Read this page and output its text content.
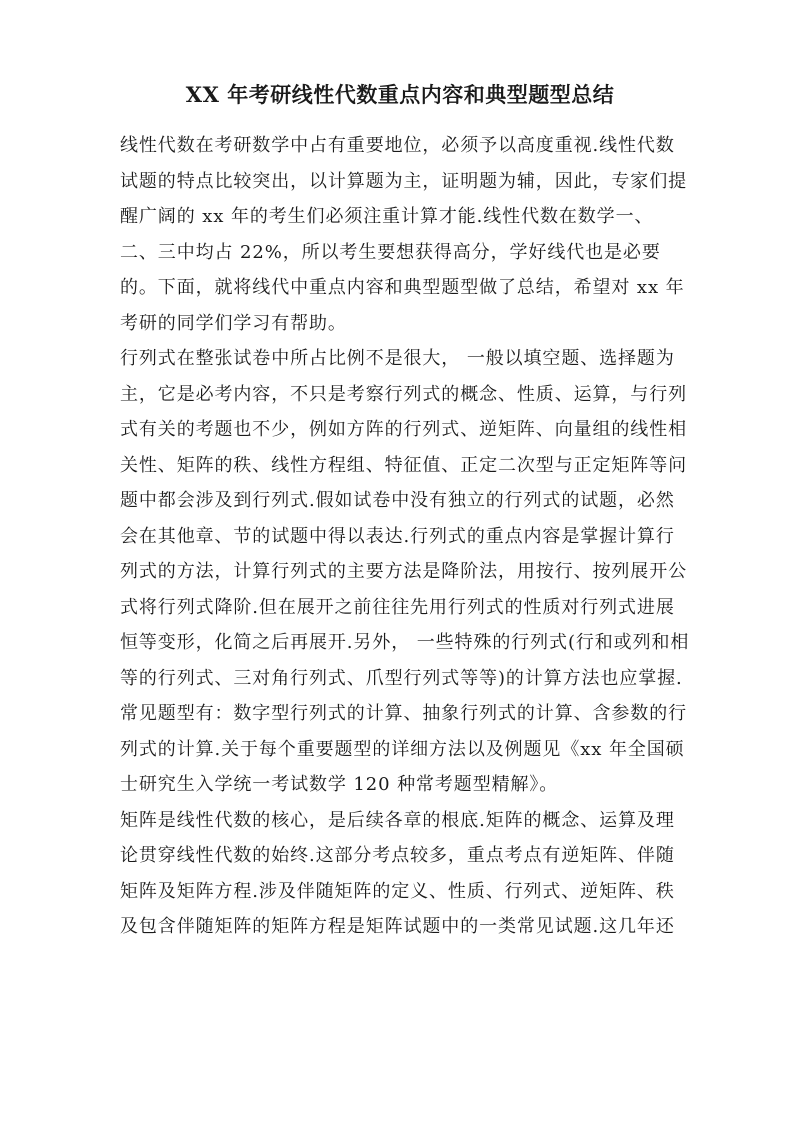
XX 年考研线性代数重点内容和典型题型总结

线性代数在考研数学中占有重要地位，必须予以高度重视.线性代数试题的特点比较突出，以计算题为主，证明题为辅，因此，专家们提醒广阔的 xx 年的考生们必须注重计算才能.线性代数在数学一、二、三中均占 22%，所以考生要想获得高分，学好线代也是必要的。下面，就将线代中重点内容和典型题型做了总结，希望对 xx 年考研的同学们学习有帮助。

行列式在整张试卷中所占比例不是很大， 一般以填空题、选择题为主，它是必考内容，不只是考察行列式的概念、性质、运算，与行列式有关的考题也不少，例如方阵的行列式、逆矩阵、向量组的线性相关性、矩阵的秩、线性方程组、特征值、正定二次型与正定矩阵等问题中都会涉及到行列式.假如试卷中没有独立的行列式的试题，必然会在其他章、节的试题中得以表达.行列式的重点内容是掌握计算行列式的方法，计算行列式的主要方法是降阶法，用按行、按列展开公式将行列式降阶.但在展开之前往往先用行列式的性质对行列式进展恒等变形，化简之后再展开.另外， 一些特殊的行列式(行和或列和相等的行列式、三对角行列式、爪型行列式等等)的计算方法也应掌握.常见题型有：数字型行列式的计算、抽象行列式的计算、含参数的行列式的计算.关于每个重要题型的详细方法以及例题见《xx 年全国硕士研究生入学统一考试数学 120 种常考题型精解》。

矩阵是线性代数的核心，是后续各章的根底.矩阵的概念、运算及理论贯穿线性代数的始终.这部分考点较多，重点考点有逆矩阵、伴随矩阵及矩阵方程.涉及伴随矩阵的定义、性质、行列式、逆矩阵、秩及包含伴随矩阵的矩阵方程是矩阵试题中的一类常见试题.这几年还
